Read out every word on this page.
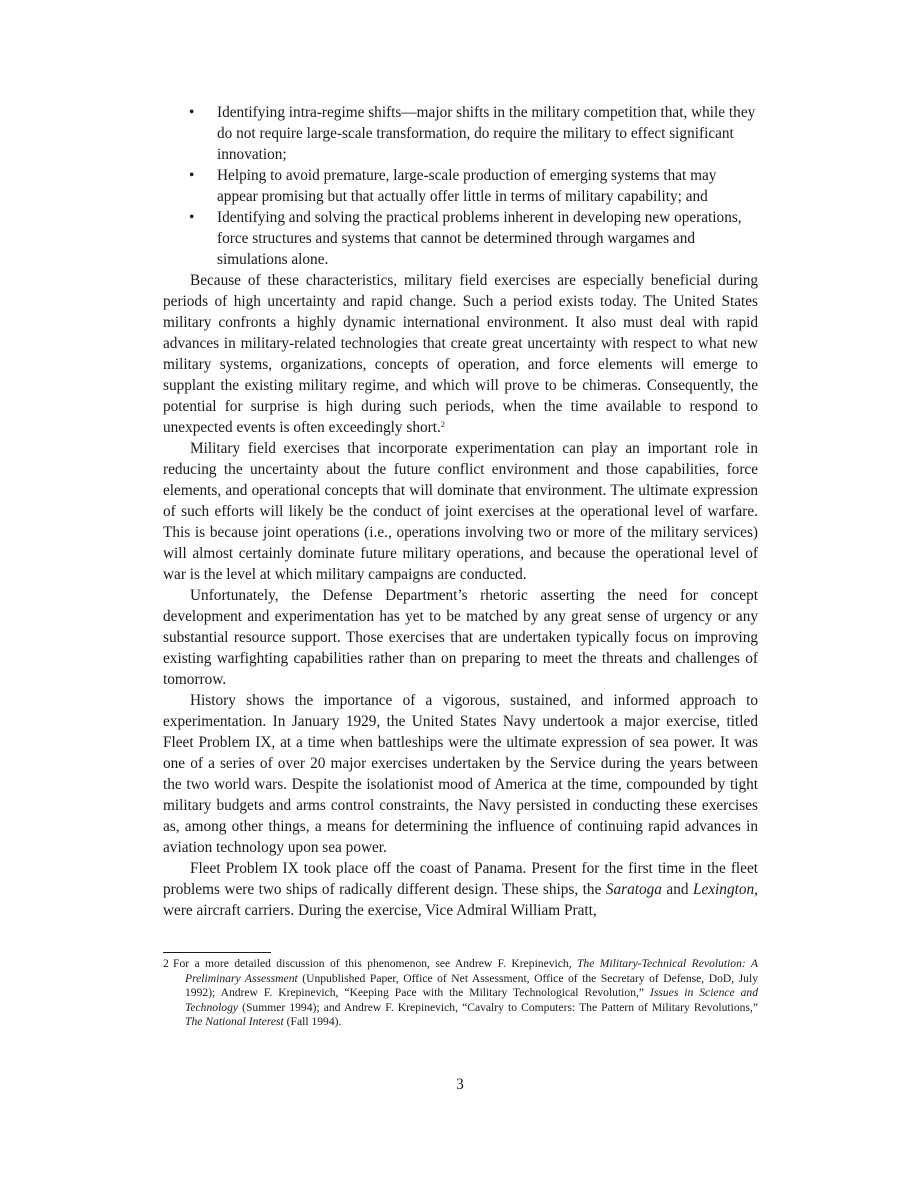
• Identifying intra-regime shifts—major shifts in the military competition that, while they do not require large-scale transformation, do require the military to effect significant innovation;
• Helping to avoid premature, large-scale production of emerging systems that may appear promising but that actually offer little in terms of military capability; and
• Identifying and solving the practical problems inherent in developing new operations, force structures and systems that cannot be determined through wargames and simulations alone.

Because of these characteristics, military field exercises are especially beneficial during periods of high uncertainty and rapid change. Such a period exists today. The United States military confronts a highly dynamic international environment. It also must deal with rapid advances in military-related technologies that create great uncertainty with respect to what new military systems, organizations, concepts of operation, and force elements will emerge to supplant the existing military regime, and which will prove to be chimeras. Consequently, the potential for surprise is high during such periods, when the time available to respond to unexpected events is often exceedingly short.$^2$

Military field exercises that incorporate experimentation can play an important role in reducing the uncertainty about the future conflict environment and those capabilities, force elements, and operational concepts that will dominate that environment. The ultimate expression of such efforts will likely be the conduct of joint exercises at the operational level of warfare. This is because joint operations (i.e., operations involving two or more of the military services) will almost certainly dominate future military operations, and because the operational level of war is the level at which military campaigns are conducted.

Unfortunately, the Defense Department’s rhetoric asserting the need for concept development and experimentation has yet to be matched by any great sense of urgency or any substantial resource support. Those exercises that are undertaken typically focus on improving existing warfighting capabilities rather than on preparing to meet the threats and challenges of tomorrow.

History shows the importance of a vigorous, sustained, and informed approach to experimentation. In January 1929, the United States Navy undertook a major exercise, titled Fleet Problem IX, at a time when battleships were the ultimate expression of sea power. It was one of a series of over 20 major exercises undertaken by the Service during the years between the two world wars. Despite the isolationist mood of America at the time, compounded by tight military budgets and arms control constraints, the Navy persisted in conducting these exercises as, among other things, a means for determining the influence of continuing rapid advances in aviation technology upon sea power.

Fleet Problem IX took place off the coast of Panama. Present for the first time in the fleet problems were two ships of radically different design. These ships, the Saratoga and Lexington, were aircraft carriers. During the exercise, Vice Admiral William Pratt,

2 For a more detailed discussion of this phenomenon, see Andrew F. Krepinevich, The Military-Technical Revolution: A Preliminary Assessment (Unpublished Paper, Office of Net Assessment, Office of the Secretary of Defense, DoD, July 1992); Andrew F. Krepinevich, “Keeping Pace with the Military Technological Revolution,” Issues in Science and Technology (Summer 1994); and Andrew F. Krepinevich, “Cavalry to Computers: The Pattern of Military Revolutions,” The National Interest (Fall 1994).
3
